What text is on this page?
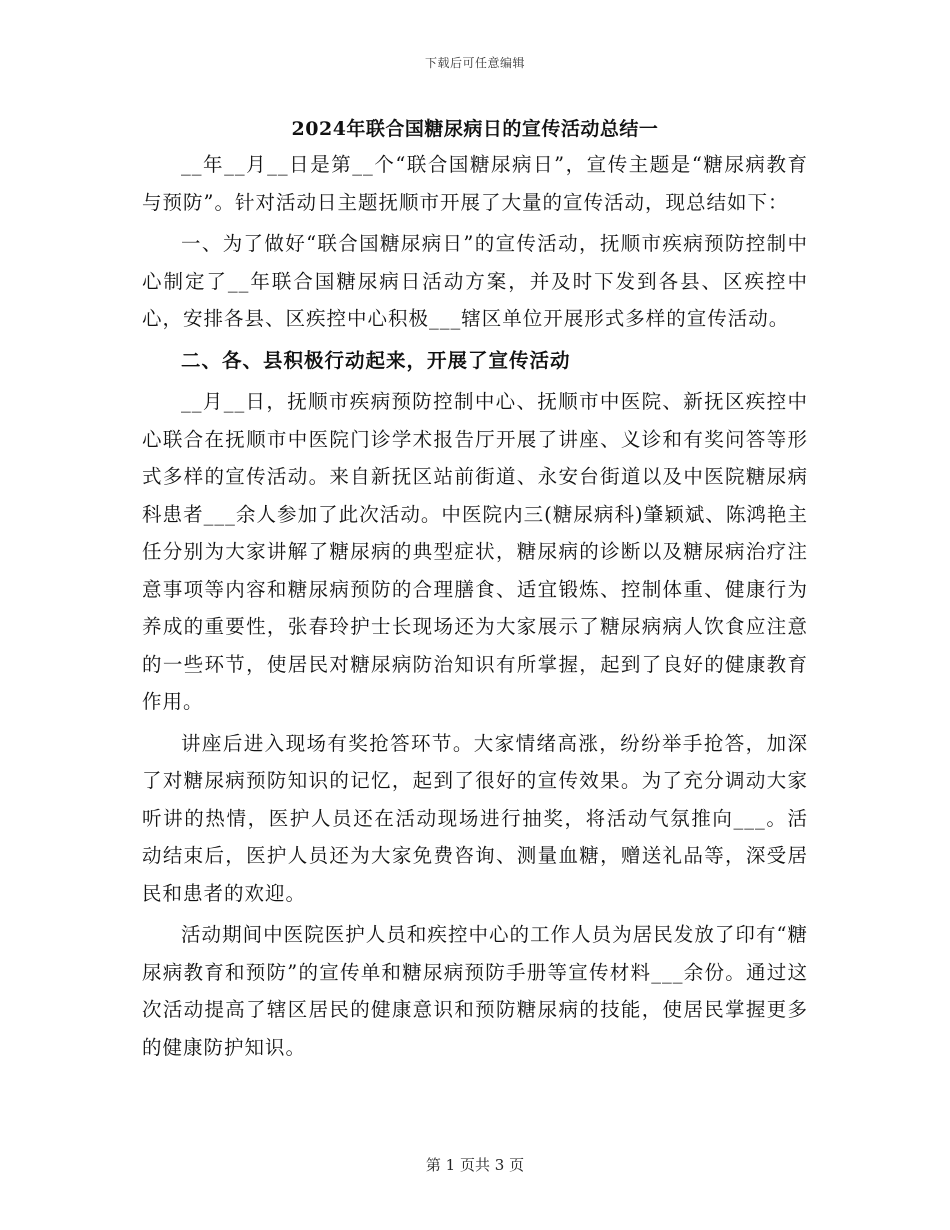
下载后可任意编辑
2024年联合国糖尿病日的宣传活动总结一

__年__月__日是第__个“联合国糖尿病日”，宣传主题是“糖尿病教育与预防”。针对活动日主题抚顺市开展了大量的宣传活动，现总结如下：

一、为了做好“联合国糖尿病日”的宣传活动，抚顺市疾病预防控制中心制定了__年联合国糖尿病日活动方案，并及时下发到各县、区疾控中心，安排各县、区疾控中心积极___辖区单位开展形式多样的宣传活动。

二、各、县积极行动起来，开展了宣传活动

__月__日，抚顺市疾病预防控制中心、抚顺市中医院、新抚区疾控中心联合在抚顺市中医院门诊学术报告厅开展了讲座、义诊和有奖问答等形式多样的宣传活动。来自新抚区站前街道、永安台街道以及中医院糖尿病科患者___余人参加了此次活动。中医院内三(糖尿病科)肇颖斌、陈鸿艳主任分别为大家讲解了糖尿病的典型症状，糖尿病的诊断以及糖尿病治疗注意事项等内容和糖尿病预防的合理膳食、适宜锻炼、控制体重、健康行为养成的重要性，张春玲护士长现场还为大家展示了糖尿病病人饮食应注意的一些环节，使居民对糖尿病防治知识有所掌握，起到了良好的健康教育作用。

讲座后进入现场有奖抢答环节。大家情绪高涨，纷纷举手抢答，加深了对糖尿病预防知识的记忆，起到了很好的宣传效果。为了充分调动大家听讲的热情，医护人员还在活动现场进行抽奖，将活动气氛推向___。活动结束后，医护人员还为大家免费咨询、测量血糖，赠送礼品等，深受居民和患者的欢迎。

活动期间中医院医护人员和疾控中心的工作人员为居民发放了印有“糖尿病教育和预防”的宣传单和糖尿病预防手册等宣传材料___余份。通过这次活动提高了辖区居民的健康意识和预防糖尿病的技能，使居民掌握更多的健康防护知识。

第 1 页共 3 页
